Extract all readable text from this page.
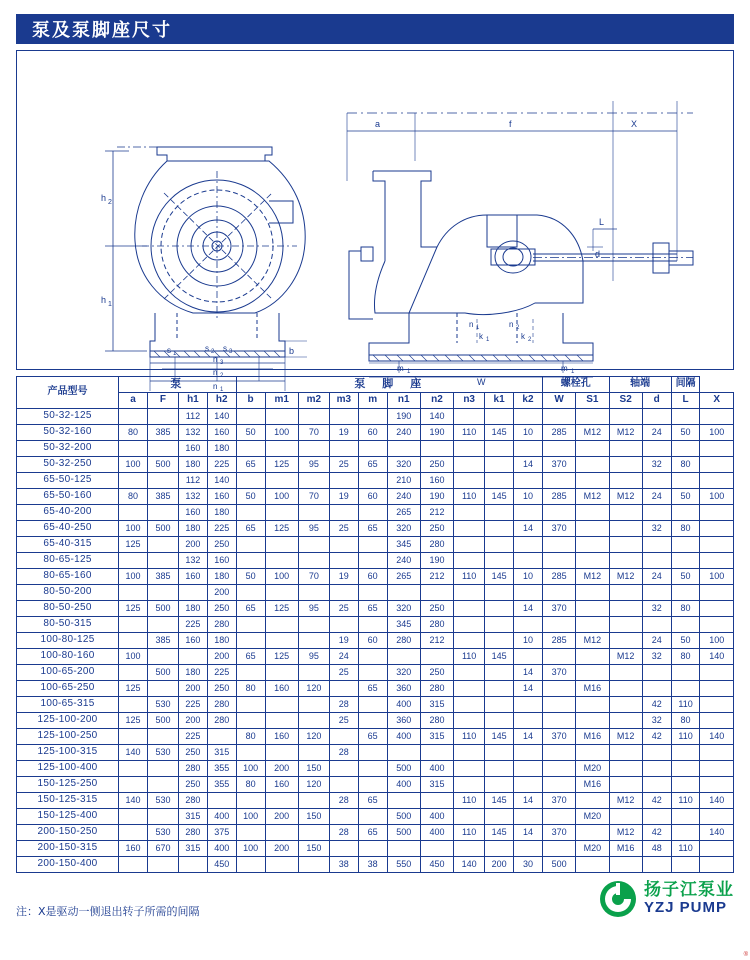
泵及泵脚座尺寸
h 2
h 1
s 1
s 2 s 3
n 3
n 2
n 1
b
a	f	X
L
d
k 1	k 2
m 1	m 1
W
n 1	n 2
产品型号	泵				泵　脚　座										螺栓孔		轴端		间隔	
	a	F	h1	h2	b	m1	m2	m3	m	n1	n2	n3	k1	k2	W	S1	S2	d	L	X
50-32-125			112	140						190	140									
50-32-160	80	385	132	160	50	100	70	19	60	240	190	110	145	10	285	M12	M12	24	50	100
50-32-200			160	180																
50-32-250	100	500	180	225	65	125	95	25	65	320	250			14	370			32	80	
65-50-125			112	140						210	160									
65-50-160	80	385	132	160	50	100	70	19	60	240	190	110	145	10	285	M12	M12	24	50	100
65-40-200			160	180						265	212									
65-40-250	100	500	180	225	65	125	95	25	65	320	250			14	370			32	80	
65-40-315	125		200	250						345	280									
80-65-125			132	160						240	190									
80-65-160	100	385	160	180	50	100	70	19	60	265	212	110	145	10	285	M12	M12	24	50	100
80-50-200				200																
80-50-250	125	500	180	250	65	125	95	25	65	320	250			14	370			32	80	
80-50-315			225	280						345	280									
100-80-125		385	160	180				19	60	280	212			10	285	M12		24	50	100
100-80-160	100			200	65	125	95	24				110	145				M12	32	80	140
100-65-200		500	180	225				25		320	250			14	370					
100-65-250	125		200	250	80	160	120		65	360	280			14		M16				
100-65-315		530	225	280				28		400	315							42	110	
125-100-200	125	500	200	280				25		360	280							32	80	
125-100-250			225		80	160	120		65	400	315	110	145	14	370	M16	M12	42	110	140
125-100-315	140	530	250	315				28												
125-100-400			280	355	100	200	150			500	400					M20				
150-125-250			250	355	80	160	120			400	315					M16				
150-125-315	140	530	280					28	65			110	145	14	370		M12	42	110	140
150-125-400			315	400	100	200	150			500	400					M20				
200-150-250		530	280	375				28	65	500	400	110	145	14	370		M12	42		140
200-150-315	160	670	315	400	100	200	150									M20	M16	48	110	
200-150-400				450				38	38	550	450	140	200	30	500					
注：X是驱动一侧退出转子所需的间隔
扬子江泵业
YZJ PUMP
®
